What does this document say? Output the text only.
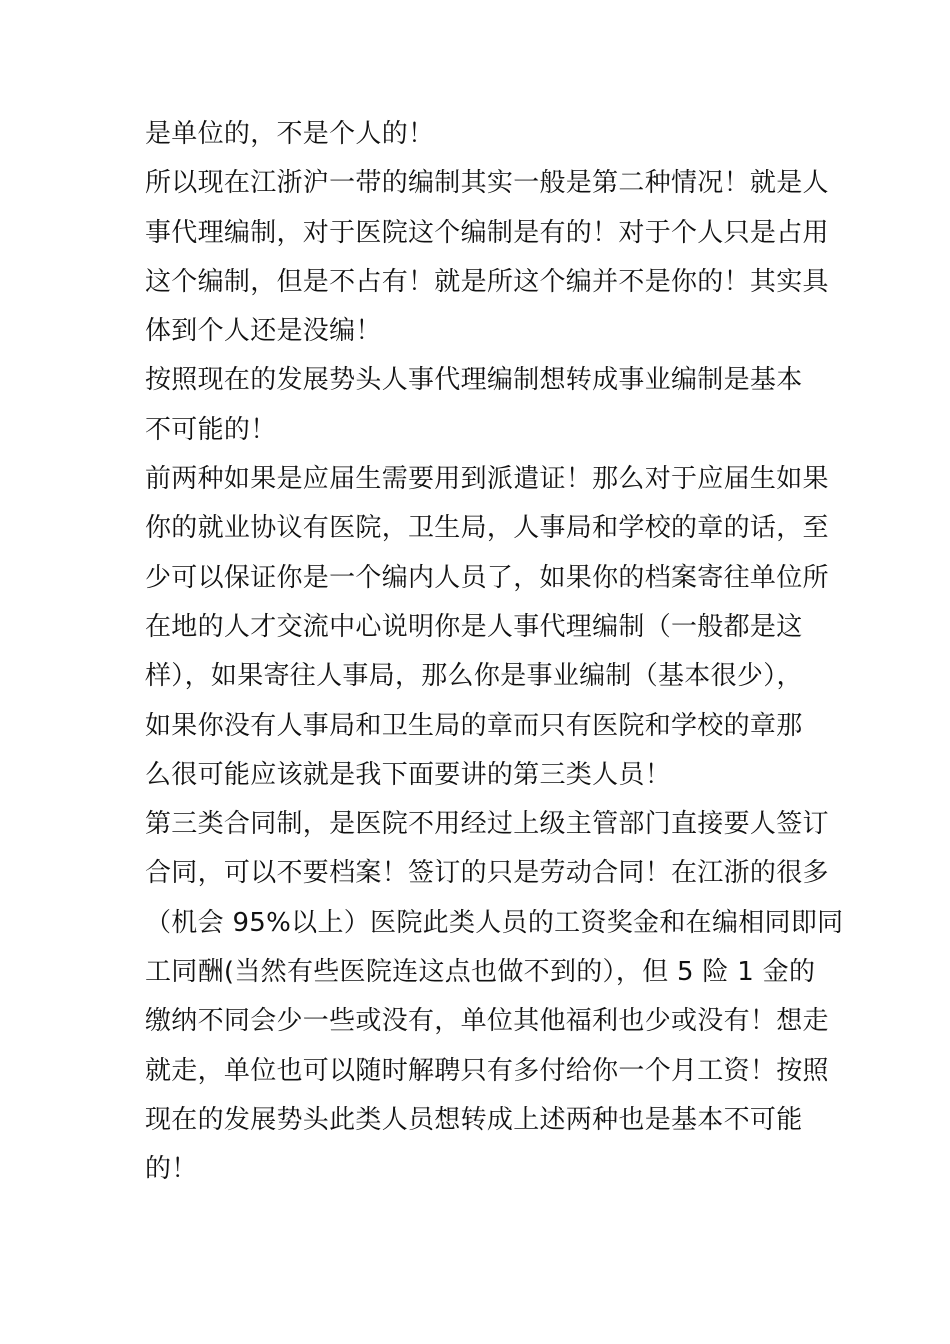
是单位的，不是个人的！
所以现在江浙沪一带的编制其实一般是第二种情况！就是人
事代理编制，对于医院这个编制是有的！对于个人只是占用
这个编制，但是不占有！就是所这个编并不是你的！其实具
体到个人还是没编！
按照现在的发展势头人事代理编制想转成事业编制是基本
不可能的！
前两种如果是应届生需要用到派遣证！那么对于应届生如果
你的就业协议有医院，卫生局，人事局和学校的章的话，至
少可以保证你是一个编内人员了，如果你的档案寄往单位所
在地的人才交流中心说明你是人事代理编制（一般都是这
样），如果寄往人事局，那么你是事业编制（基本很少），
如果你没有人事局和卫生局的章而只有医院和学校的章那
么很可能应该就是我下面要讲的第三类人员！
第三类合同制，是医院不用经过上级主管部门直接要人签订
合同，可以不要档案！签订的只是劳动合同！在江浙的很多
（机会 95%以上）医院此类人员的工资奖金和在编相同即同
工同酬(当然有些医院连这点也做不到的），但 5 险 1 金的
缴纳不同会少一些或没有，单位其他福利也少或没有！想走
就走，单位也可以随时解聘只有多付给你一个月工资！按照
现在的发展势头此类人员想转成上述两种也是基本不可能
的！
